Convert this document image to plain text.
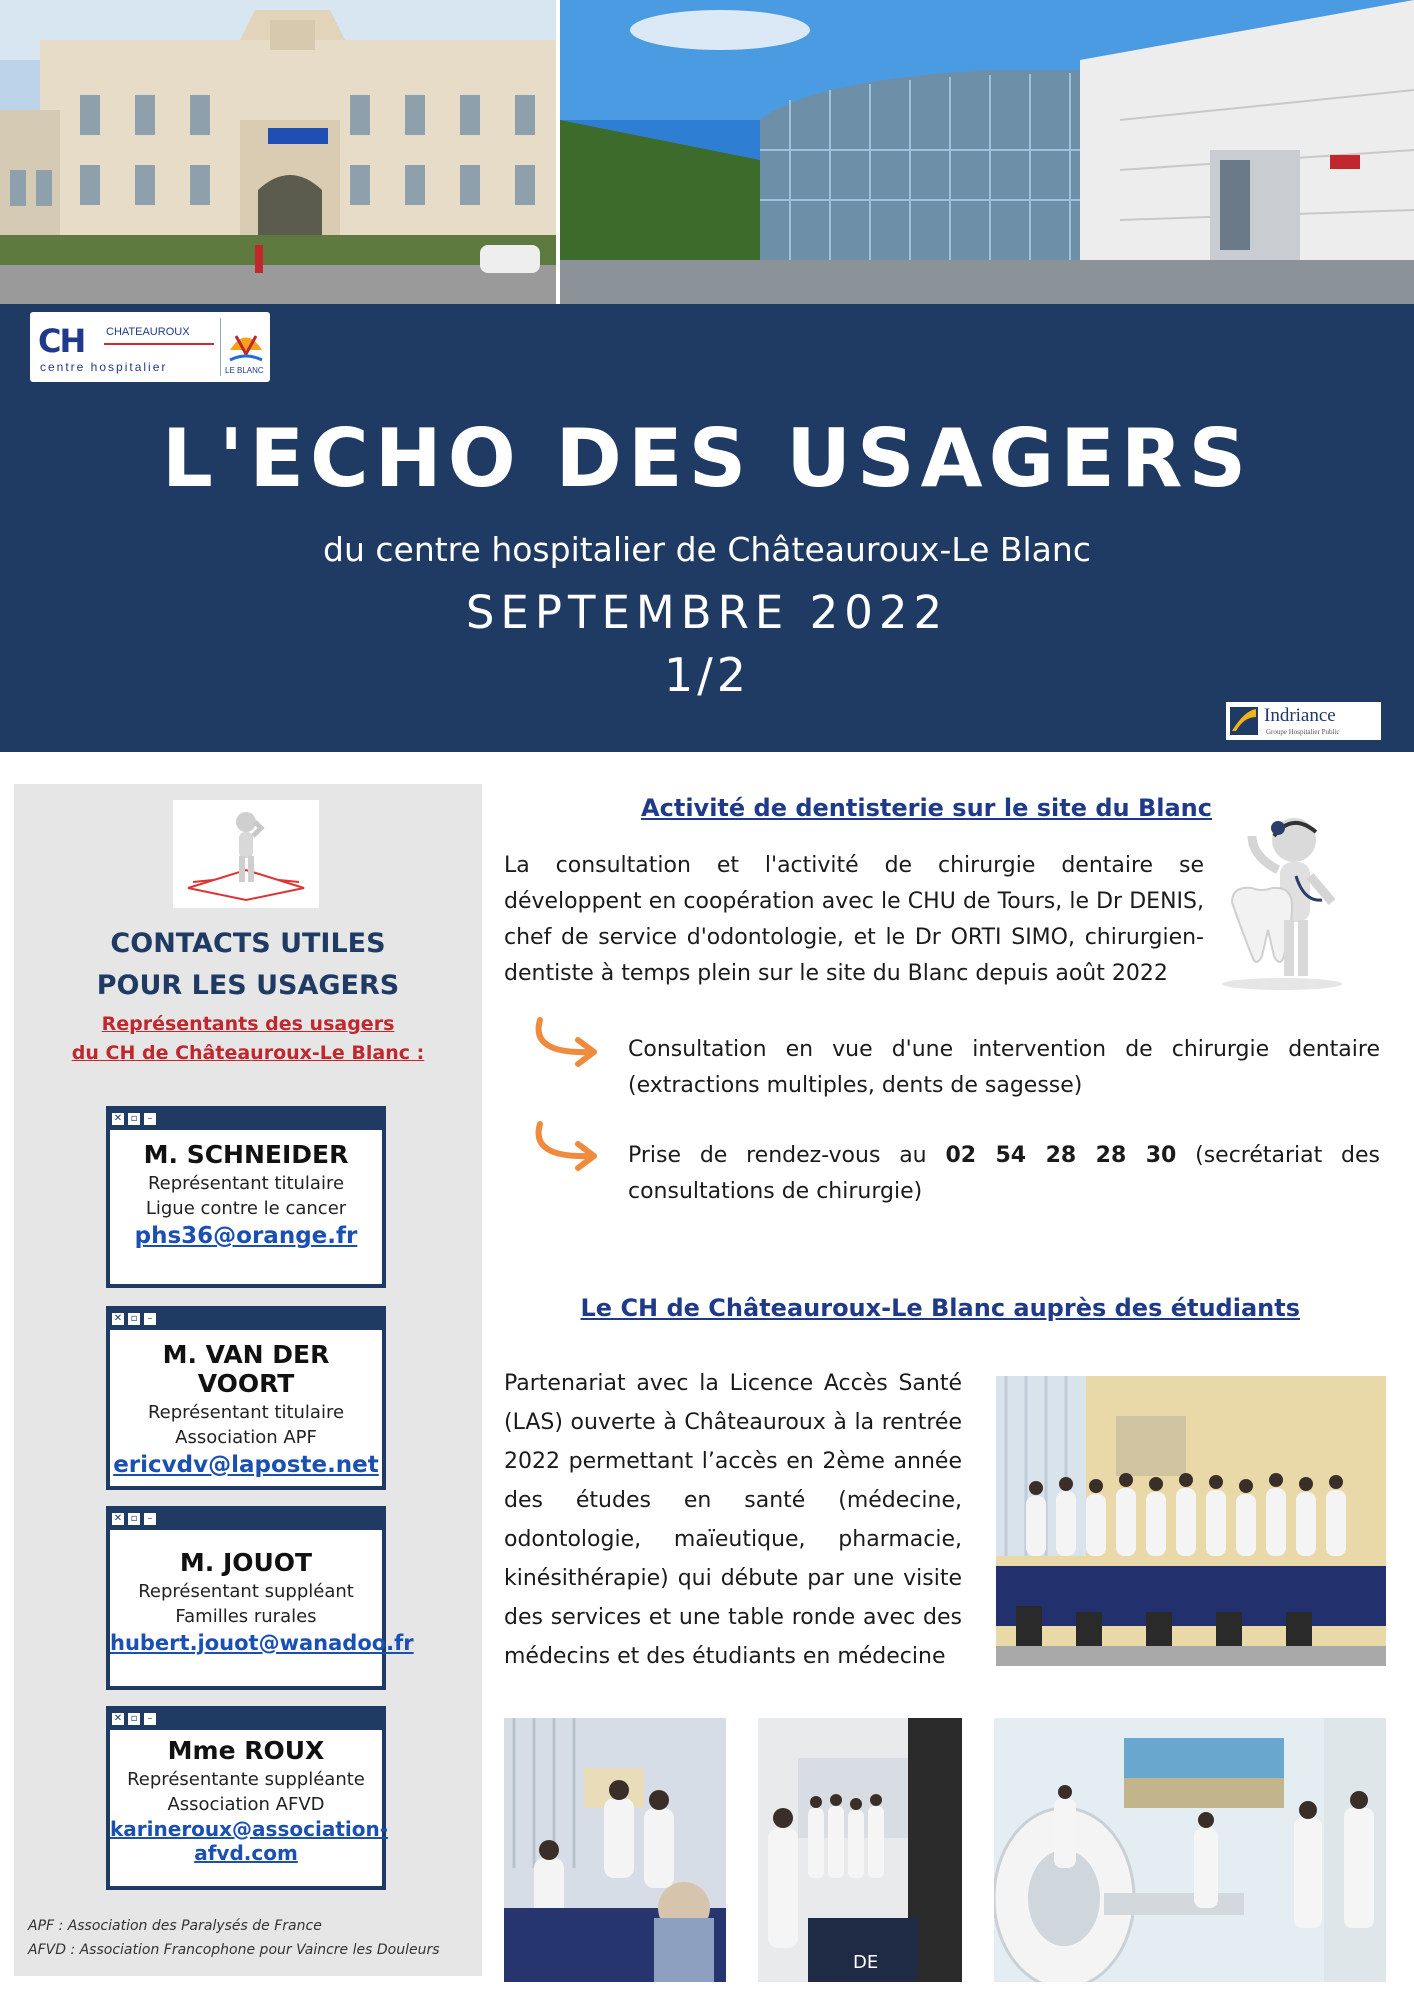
CH CHATEAUROUX
centre hospitalier	LE BLANC
L'ECHO DES USAGERS
du centre hospitalier de Châteauroux-Le Blanc
SEPTEMBRE 2022
1/2
Indriance
Groupe Hospitalier Public
CONTACTS UTILES
POUR LES USAGERS
Représentants des usagers
du CH de Châteauroux-Le Blanc :
✕ ▫	–
M. SCHNEIDER
Représentant titulaire
Ligue contre le cancer
phs36@orange.fr
✕ ▫	–
M. VAN DER VOORT
Représentant titulaire
Association APF
ericvdv@laposte.net
✕ ▫	–
M. JOUOT
Représentant suppléant
Familles rurales
hubert.jouot@wanadoo.fr
✕ ▫	–
Mme ROUX
Représentante suppléante
Association AFVD
karineroux@association-
afvd.com
APF : Association des Paralysés de France
AFVD : Association Francophone pour Vaincre les Douleurs
Activité de dentisterie sur le site du Blanc
La consultation et l'activité de chirurgie dentaire se développent en coopération avec le CHU de Tours, le Dr DENIS, chef de service d'odontologie, et le Dr ORTI SIMO, chirurgien-dentiste à temps plein sur le site du Blanc depuis août 2022
Consultation en vue d'une intervention de chirurgie dentaire (extractions multiples, dents de sagesse)
Prise de rendez-vous au 02 54 28 28 30 (secrétariat des consultations de chirurgie)
Le CH de Châteauroux-Le Blanc auprès des étudiants
Partenariat avec la Licence Accès Santé (LAS) ouverte à Châteauroux à la rentrée 2022 permettant l’accès en 2ème année des études en santé (médecine, odontologie, maïeutique, pharmacie, kinésithérapie) qui débute par une visite des services et une table ronde avec des médecins et des étudiants en médecine
DE
